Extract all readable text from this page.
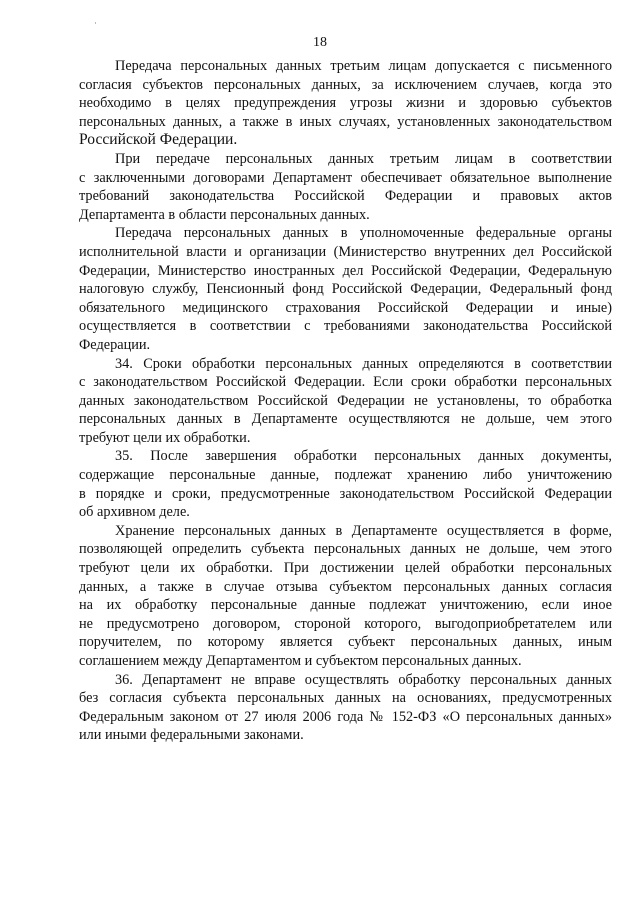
18
Передача персональных данных третьим лицам допускается с письменного
согласия субъектов персональных данных, за исключением случаев, когда это
необходимо в целях предупреждения угрозы жизни и здоровью субъектов
персональных данных, а также в иных случаях, установленных законодательством
Российской Федерации.
При передаче персональных данных третьим лицам в соответствии
с заключенными договорами Департамент обеспечивает обязательное выполнение
требований законодательства Российской Федерации и правовых актов
Департамента в области персональных данных.
Передача персональных данных в уполномоченные федеральные органы
исполнительной власти и организации (Министерство внутренних дел Российской
Федерации, Министерство иностранных дел Российской Федерации, Федеральную
налоговую службу, Пенсионный фонд Российской Федерации, Федеральный фонд
обязательного медицинского страхования Российской Федерации и иные)
осуществляется в соответствии с требованиями законодательства Российской
Федерации.
34. Сроки обработки персональных данных определяются в соответствии
с законодательством Российской Федерации. Если сроки обработки персональных
данных законодательством Российской Федерации не установлены, то обработка
персональных данных в Департаменте осуществляются не дольше, чем этого
требуют цели их обработки.
35. После завершения обработки персональных данных документы,
содержащие персональные данные, подлежат хранению либо уничтожению
в порядке и сроки, предусмотренные законодательством Российской Федерации
об архивном деле.
Хранение персональных данных в Департаменте осуществляется в форме,
позволяющей определить субъекта персональных данных не дольше, чем этого
требуют цели их обработки. При достижении целей обработки персональных
данных, а также в случае отзыва субъектом персональных данных согласия
на их обработку персональные данные подлежат уничтожению, если иное
не предусмотрено договором, стороной которого, выгодоприобретателем или
поручителем, по которому является субъект персональных данных, иным
соглашением между Департаментом и субъектом персональных данных.
36. Департамент не вправе осуществлять обработку персональных данных
без согласия субъекта персональных данных на основаниях, предусмотренных
Федеральным законом от 27 июля 2006 года № 152-ФЗ «О персональных данных»
или иными федеральными законами.
